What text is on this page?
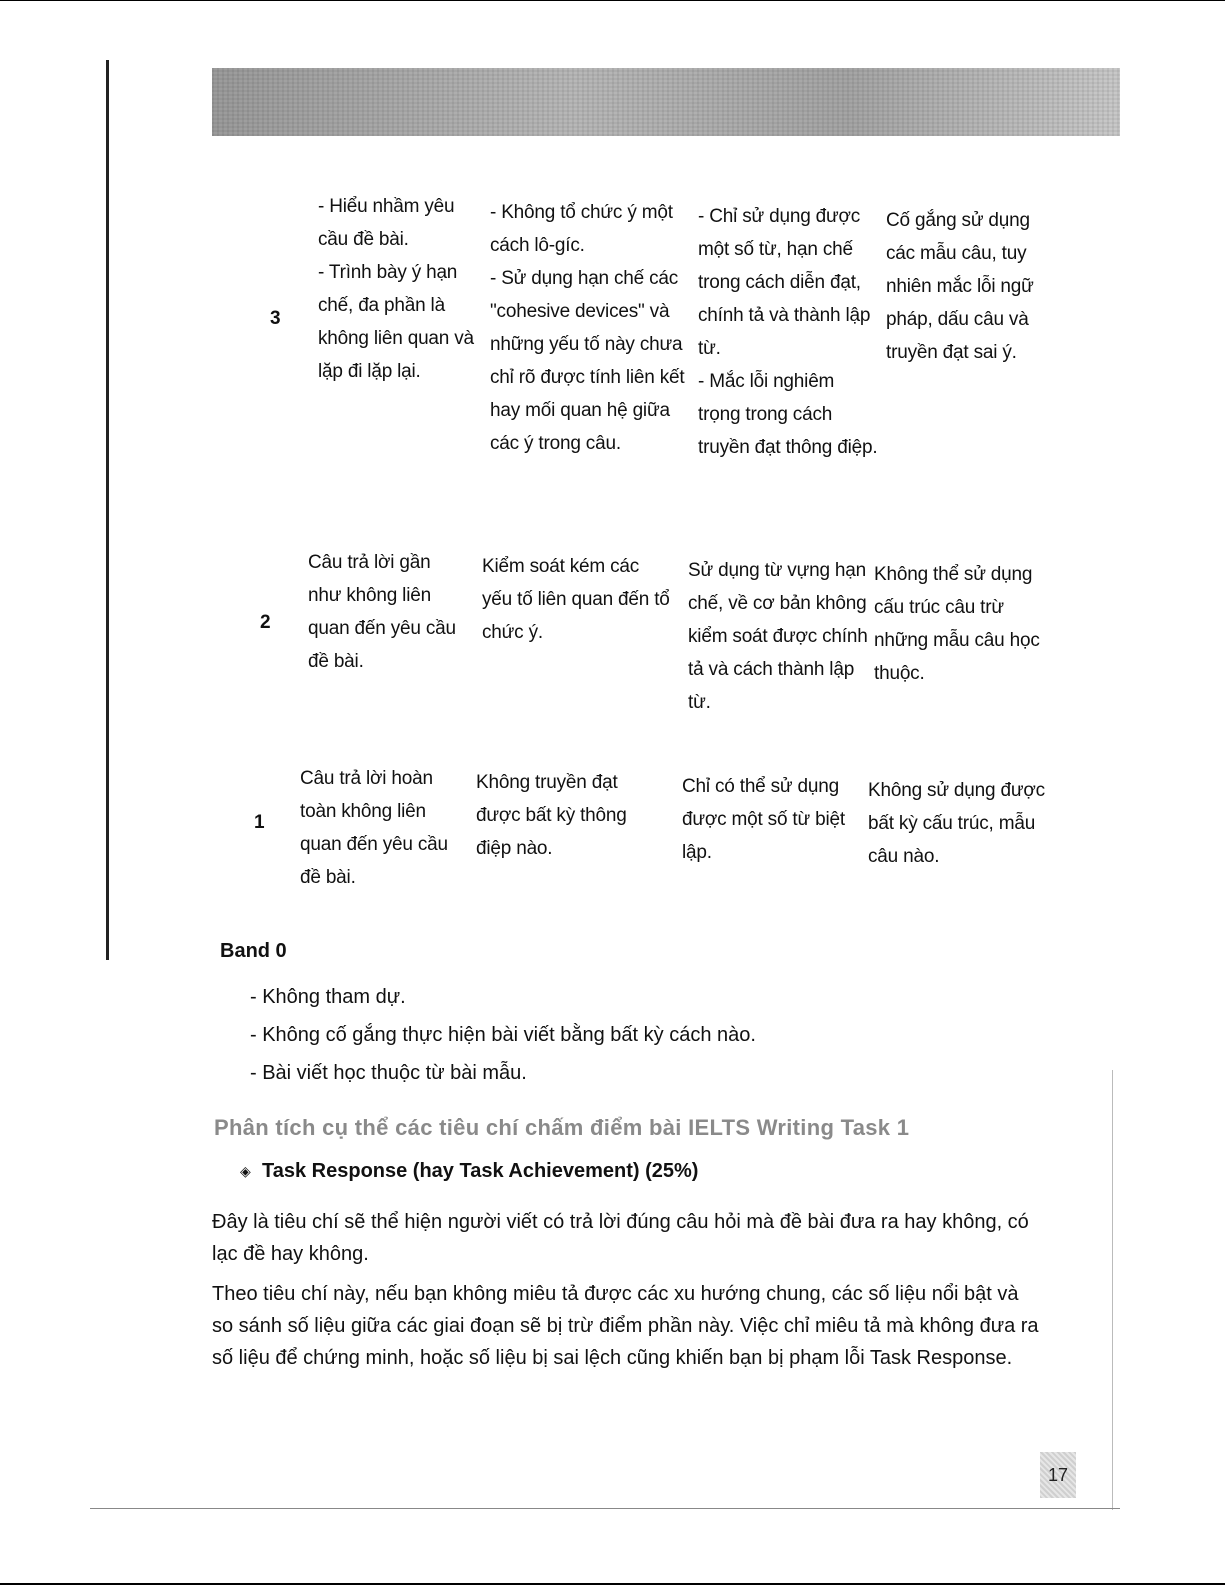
3

- Hiểu nhầm yêu cầu đề bài.

- Trình bày ý hạn chế, đa phần là không liên quan và lặp đi lặp lại.

- Không tổ chức ý một cách lô-gíc.

- Sử dụng hạn chế các "cohesive devices" và những yếu tố này chưa chỉ rõ được tính liên kết hay mối quan hệ giữa các ý trong câu.

- Chỉ sử dụng được một số từ, hạn chế trong cách diễn đạt, chính tả và thành lập từ.

- Mắc lỗi nghiêm trọng trong cách truyền đạt thông điệp.

Cố gắng sử dụng các mẫu câu, tuy nhiên mắc lỗi ngữ pháp, dấu câu và truyền đạt sai ý.

2

Câu trả lời gần như không liên quan đến yêu cầu đề bài.

Kiểm soát kém các yếu tố liên quan đến tổ chức ý.

Sử dụng từ vựng hạn chế, về cơ bản không kiểm soát được chính tả và cách thành lập từ.

Không thể sử dụng cấu trúc câu trừ những mẫu câu học thuộc.

1

Câu trả lời hoàn toàn không liên quan đến yêu cầu đề bài.

Không truyền đạt được bất kỳ thông điệp nào.

Chỉ có thể sử dụng được một số từ biệt lập.

Không sử dụng được bất kỳ cấu trúc, mẫu câu nào.

Band 0
- Không tham dự.
- Không cố gắng thực hiện bài viết bằng bất kỳ cách nào.
- Bài viết học thuộc từ bài mẫu.
Phân tích cụ thể các tiêu chí chấm điểm bài IELTS Writing Task 1
◈ Task Response (hay Task Achievement) (25%)

Đây là tiêu chí sẽ thể hiện người viết có trả lời đúng câu hỏi mà đề bài đưa ra hay không, có lạc đề hay không.

Theo tiêu chí này, nếu bạn không miêu tả được các xu hướng chung, các số liệu nổi bật và so sánh số liệu giữa các giai đoạn sẽ bị trừ điểm phần này. Việc chỉ miêu tả mà không đưa ra số liệu để chứng minh, hoặc số liệu bị sai lệch cũng khiến bạn bị phạm lỗi Task Response.

17
